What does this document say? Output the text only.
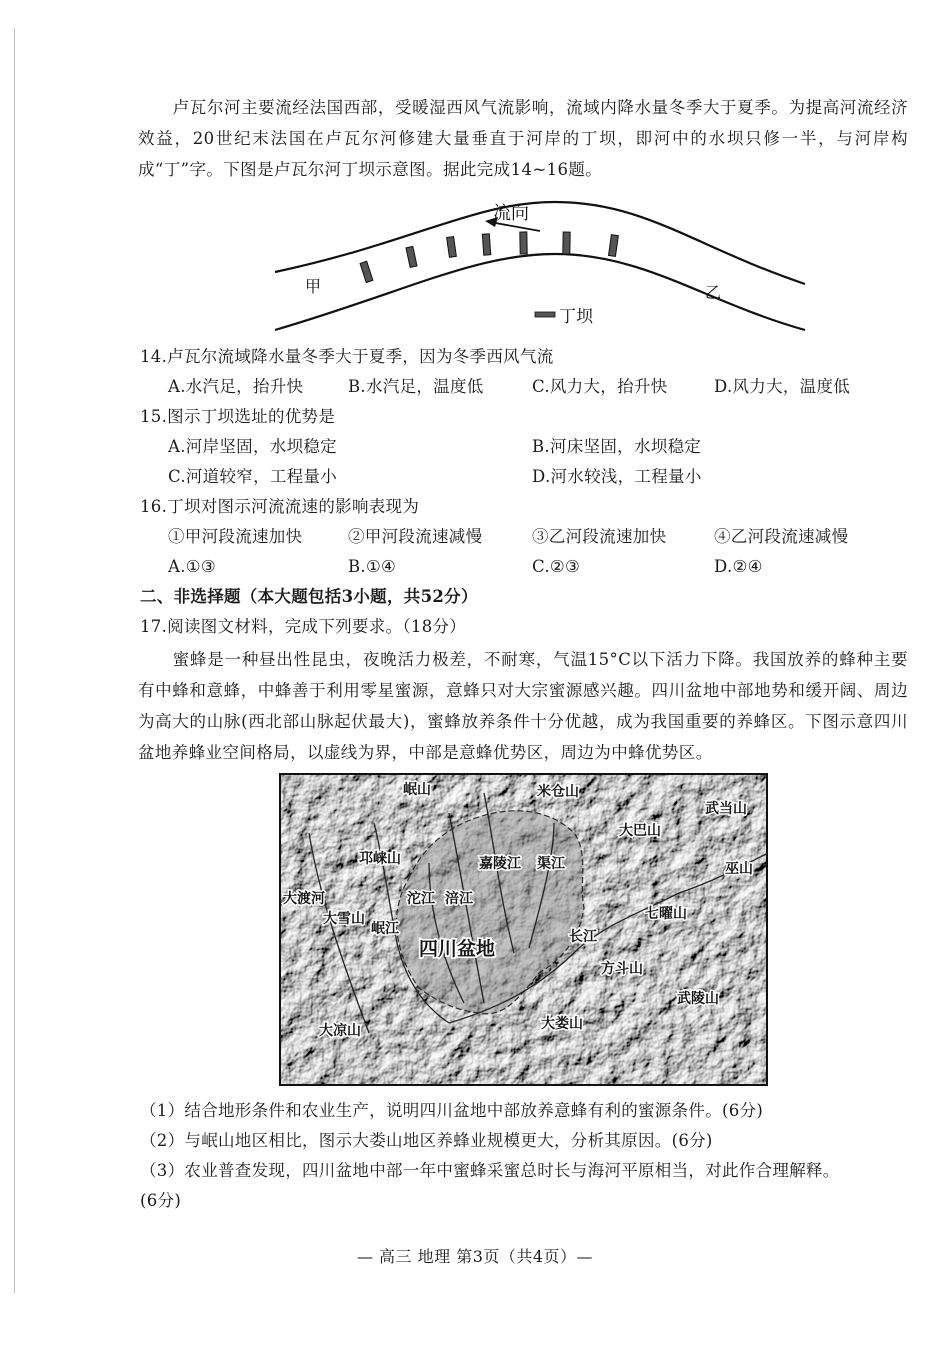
卢瓦尔河主要流经法国西部，受暖湿西风气流影响，流域内降水量冬季大于夏季。为提高河流经济效益，20世纪末法国在卢瓦尔河修建大量垂直于河岸的丁坝，即河中的水坝只修一半，与河岸构成“丁”字。下图是卢瓦尔河丁坝示意图。据此完成14~16题。

流向
甲	乙
丁坝
14.卢瓦尔流域降水量冬季大于夏季，因为冬季西风气流
A.水汽足，抬升快	B.水汽足，温度低	C.风力大，抬升快	D.风力大，温度低
15.图示丁坝选址的优势是
A.河岸坚固，水坝稳定	B.河床坚固，水坝稳定
C.河道较窄，工程量小	D.河水较浅，工程量小
16.丁坝对图示河流流速的影响表现为
①甲河段流速加快	②甲河段流速减慢	③乙河段流速加快	④乙河段流速减慢
A.①③	B.①④	C.②③	D.②④
二、非选择题（本大题包括3小题，共52分）
17.阅读图文材料，完成下列要求。（18分）

蜜蜂是一种昼出性昆虫，夜晚活力极差，不耐寒，气温15°C以下活力下降。我国放养的蜂种主要有中蜂和意蜂，中蜂善于利用零星蜜源，意蜂只对大宗蜜源感兴趣。四川盆地中部地势和缓开阔、周边为高大的山脉(西北部山脉起伏最大)，蜜蜂放养条件十分优越，成为我国重要的养蜂区。下图示意四川盆地养蜂业空间格局，以虚线为界，中部是意蜂优势区，周边为中蜂优势区。

米仓山
岷山
武当山
大巴山
巫山
邛崃山
大渡河
大雪山
岷江
沱江 涪江
嘉陵江 渠江
长江
七曜山
方斗山
大娄山
武陵山
大凉山
四川盆地
（1）结合地形条件和农业生产，说明四川盆地中部放养意蜂有利的蜜源条件。(6分)
（2）与岷山地区相比，图示大娄山地区养蜂业规模更大，分析其原因。(6分)
（3）农业普查发现，四川盆地中部一年中蜜蜂采蜜总时长与海河平原相当，对此作合理解释。
(6分)
— 高三 地理 第3页（共4页）—
